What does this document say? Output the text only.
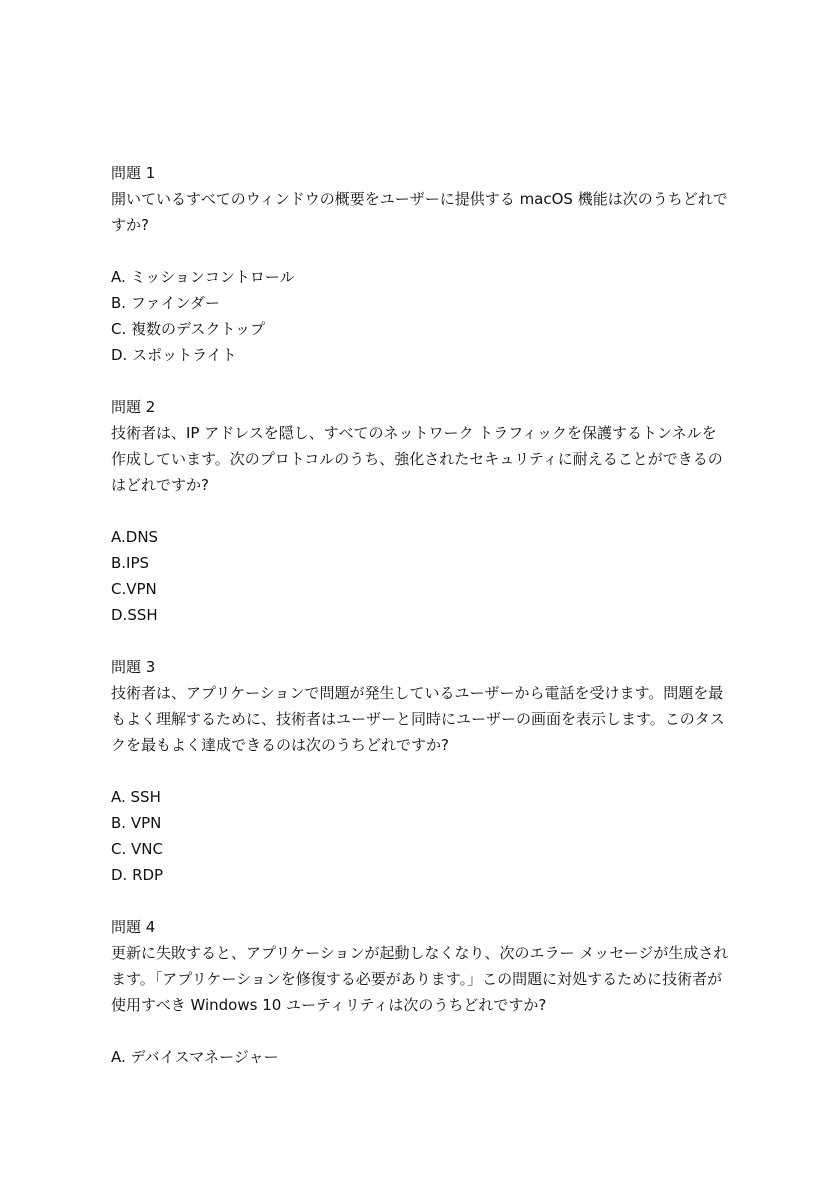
問題 1
開いているすべてのウィンドウの概要をユーザーに提供する macOS 機能は次のうちどれですか?
A. ミッションコントロール
B. ファインダー
C. 複数のデスクトップ
D. スポットライト
問題 2
技術者は、IP アドレスを隠し、すべてのネットワーク トラフィックを保護するトンネルを作成しています。次のプロトコルのうち、強化されたセキュリティに耐えることができるのはどれですか?
A.DNS
B.IPS
C.VPN
D.SSH
問題 3
技術者は、アプリケーションで問題が発生しているユーザーから電話を受けます。問題を最もよく理解するために、技術者はユーザーと同時にユーザーの画面を表示します。このタスクを最もよく達成できるのは次のうちどれですか?
A. SSH
B. VPN
C. VNC
D. RDP
問題 4
更新に失敗すると、アプリケーションが起動しなくなり、次のエラー メッセージが生成されます。「アプリケーションを修復する必要があります。」この問題に対処するために技術者が使用すべき Windows 10 ユーティリティは次のうちどれですか?
A. デバイスマネージャー
